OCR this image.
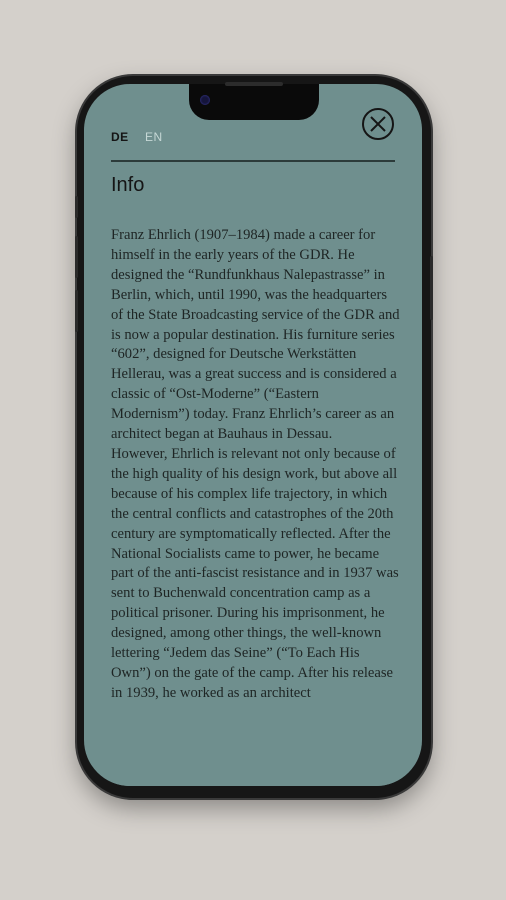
DE EN
Info

Franz Ehrlich (1907–1984) made a career for himself in the early years of the GDR. He designed the “Rundfunkhaus Nalepastrasse” in Berlin, which, until 1990, was the headquarters of the State Broadcasting service of the GDR and is now a popular destination. His furniture series “602”, designed for Deutsche Werkstätten Hellerau, was a great success and is considered a classic of “Ost-Moderne” (“Eastern Modernism”) today. Franz Ehrlich’s career as an architect began at Bauhaus in Dessau.

However, Ehrlich is relevant not only because of the high quality of his design work, but above all because of his complex life trajectory, in which the central conflicts and catastrophes of the 20th century are symptomatically reflected. After the National Socialists came to power, he became part of the anti-fascist resistance and in 1937 was sent to Buchenwald concentration camp as a political prisoner. During his imprisonment, he designed, among other things, the well-known lettering “Jedem das Seine” (“To Each His Own”) on the gate of the camp. After his release in 1939, he worked as an architect
